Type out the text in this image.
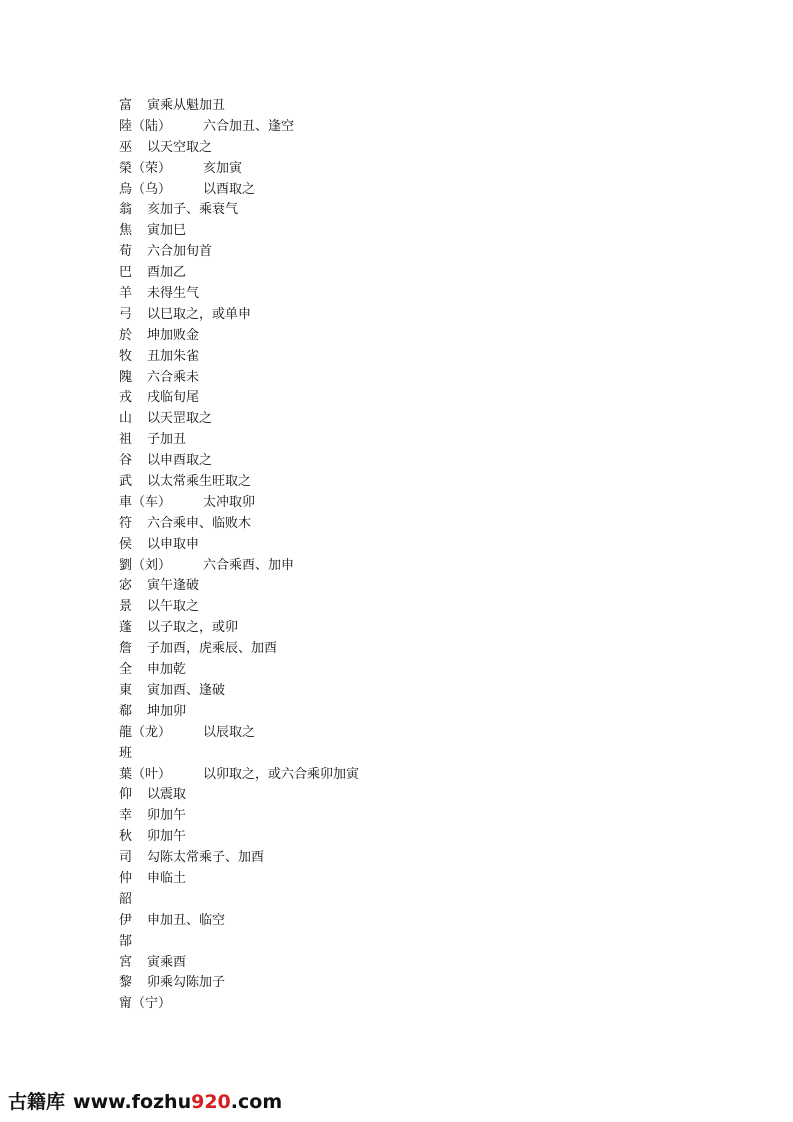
富 寅乘从魁加丑
陸（陆） 六合加丑、逢空
巫 以天空取之
榮（荣） 亥加寅
烏（乌） 以酉取之
翁 亥加子、乘衰气
焦 寅加巳
荀 六合加旬首
巴 酉加乙
羊 未得生气
弓 以巳取之，或单申
於 坤加败金
牧 丑加朱雀
隗 六合乘未
戎 戌临旬尾
山 以天罡取之
祖 子加丑
谷 以申酉取之
武 以太常乘生旺取之
車（车） 太冲取卯
符 六合乘申、临败木
侯 以申取申
劉（刘） 六合乘酉、加申
宓 寅午逢破
景 以午取之
蓬 以子取之，或卯
詹 子加酉，虎乘辰、加酉
全 申加乾
東 寅加酉、逢破
郗 坤加卯
龍（龙） 以辰取之
班
葉（叶） 以卯取之，或六合乘卯加寅
仰 以震取
幸 卯加午
秋 卯加午
司 勾陈太常乘子、加酉
仲 申临土
韶
伊 申加丑、临空
郜
宮 寅乘酉
黎 卯乘勾陈加子
甯（宁）
古籍库 www.fozhu920.com
